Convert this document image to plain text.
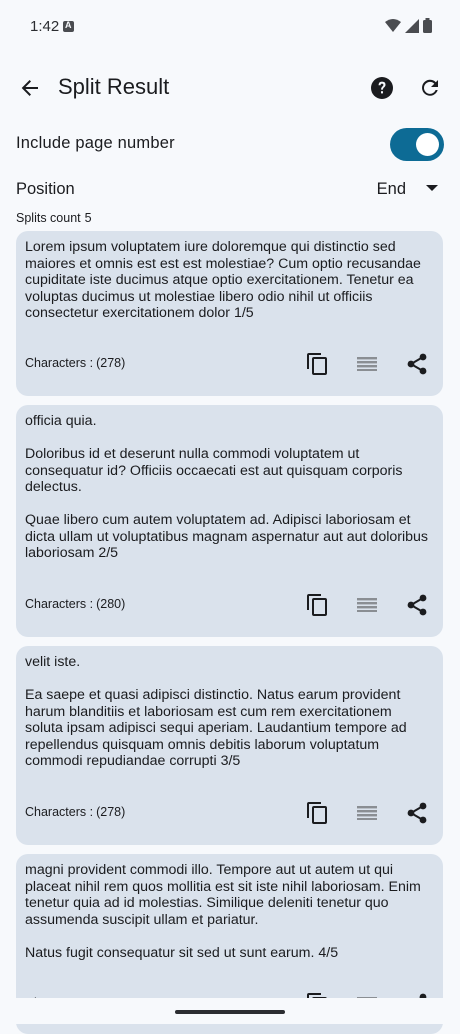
1:42
A
Split Result
Include page number
Position	End
Splits count 5
Lorem ipsum voluptatem iure doloremque qui distinctio sed maiores et omnis est est est molestiae? Cum optio recusandae cupiditate iste ducimus atque optio exercitationem. Tenetur ea voluptas ducimus ut molestiae libero odio nihil ut officiis consectetur exercitationem dolor 1/5
Characters : (278)
officia quia.

Doloribus id et deserunt nulla commodi voluptatem ut consequatur id? Officiis occaecati est aut quisquam corporis delectus.

Quae libero cum autem voluptatem ad. Adipisci laboriosam et dicta ullam ut voluptatibus magnam aspernatur aut aut doloribus laboriosam 2/5
Characters : (280)
velit iste.

Ea saepe et quasi adipisci distinctio. Natus earum provident harum blanditiis et laboriosam est cum rem exercitationem soluta ipsam adipisci sequi aperiam. Laudantium tempore ad repellendus quisquam omnis debitis laborum voluptatum commodi repudiandae corrupti 3/5
Characters : (278)
magni provident commodi illo. Tempore aut ut autem ut qui placeat nihil rem quos mollitia est sit iste nihil laboriosam. Enim tenetur quia ad id molestias. Similique deleniti tenetur quo assumenda suscipit ullam et pariatur.

Natus fugit consequatur sit sed ut sunt earum. 4/5
